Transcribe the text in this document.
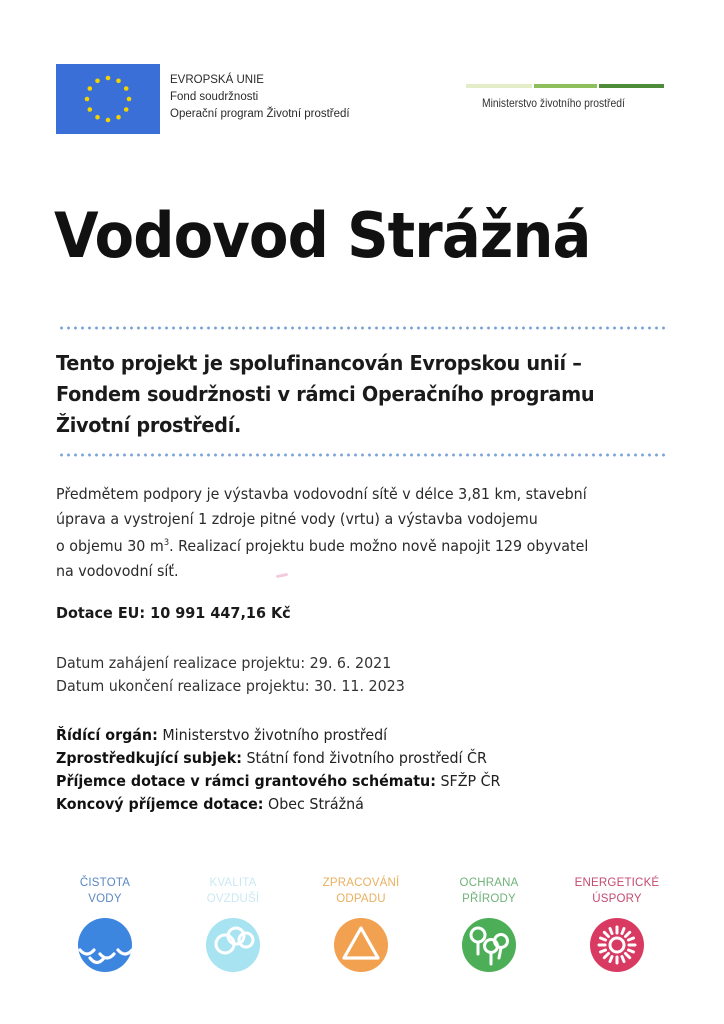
EVROPSKÁ UNIE
Fond soudržnosti
Operační program Životní prostředí
Ministerstvo životního prostředí
Vodovod Strážná
Tento projekt je spolufinancován Evropskou unií –
Fondem soudržnosti v rámci Operačního programu
Životní prostředí.
Předmětem podpory je výstavba vodovodní sítě v délce 3,81 km, stavební
úprava a vystrojení 1 zdroje pitné vody (vrtu) a výstavba vodojemu
o objemu 30 $m^3$. Realizací projektu bude možno nově napojit 129 obyvatel
na vodovodní síť.
Dotace EU: 10 991 447,16 Kč
Datum zahájení realizace projektu: 29. 6. 2021
Datum ukončení realizace projektu: 30. 11. 2023
Řídící orgán: Ministerstvo životního prostředí
Zprostředkující subjek: Státní fond životního prostředí ČR
Příjemce dotace v rámci grantového schématu: SFŽP ČR
Koncový příjemce dotace: Obec Strážná
ČISTOTA
VODY
KVALITA
OVZDUŠÍ
ZPRACOVÁNÍ
ODPADU
OCHRANA
PŘÍRODY
ENERGETICKÉ
ÚSPORY
